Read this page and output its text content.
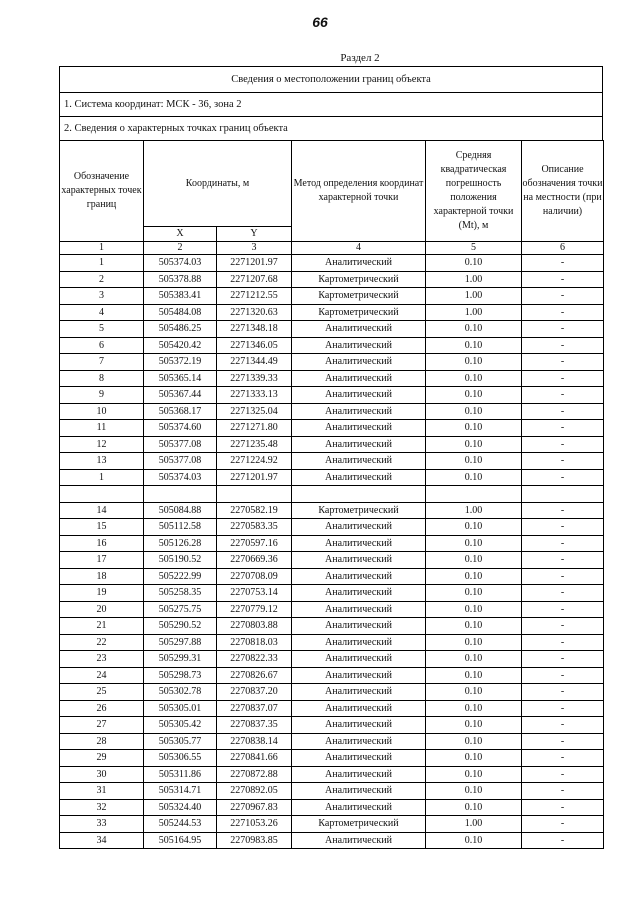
66
Раздел 2
Сведения о местоположении границ объекта
1. Система координат: МСК - 36, зона 2
2. Сведения о характерных точках границ объекта
Обозначение характерных точек границ	Координаты, м		Метод определения координат характерной точки	Средняя квадратическая погрешность положения характерной точки (Mt), м	Описание обозначения точки на местности (при наличии)
	X	Y			
1	2	3	4	5	6
1	505374.03	2271201.97	Аналитический	0.10	-
2	505378.88	2271207.68	Картометрический	1.00	-
3	505383.41	2271212.55	Картометрический	1.00	-
4	505484.08	2271320.63	Картометрический	1.00	-
5	505486.25	2271348.18	Аналитический	0.10	-
6	505420.42	2271346.05	Аналитический	0.10	-
7	505372.19	2271344.49	Аналитический	0.10	-
8	505365.14	2271339.33	Аналитический	0.10	-
9	505367.44	2271333.13	Аналитический	0.10	-
10	505368.17	2271325.04	Аналитический	0.10	-
11	505374.60	2271271.80	Аналитический	0.10	-
12	505377.08	2271235.48	Аналитический	0.10	-
13	505377.08	2271224.92	Аналитический	0.10	-
1	505374.03	2271201.97	Аналитический	0.10	-

14	505084.88	2270582.19	Картометрический	1.00	-
15	505112.58	2270583.35	Аналитический	0.10	-
16	505126.28	2270597.16	Аналитический	0.10	-
17	505190.52	2270669.36	Аналитический	0.10	-
18	505222.99	2270708.09	Аналитический	0.10	-
19	505258.35	2270753.14	Аналитический	0.10	-
20	505275.75	2270779.12	Аналитический	0.10	-
21	505290.52	2270803.88	Аналитический	0.10	-
22	505297.88	2270818.03	Аналитический	0.10	-
23	505299.31	2270822.33	Аналитический	0.10	-
24	505298.73	2270826.67	Аналитический	0.10	-
25	505302.78	2270837.20	Аналитический	0.10	-
26	505305.01	2270837.07	Аналитический	0.10	-
27	505305.42	2270837.35	Аналитический	0.10	-
28	505305.77	2270838.14	Аналитический	0.10	-
29	505306.55	2270841.66	Аналитический	0.10	-
30	505311.86	2270872.88	Аналитический	0.10	-
31	505314.71	2270892.05	Аналитический	0.10	-
32	505324.40	2270967.83	Аналитический	0.10	-
33	505244.53	2271053.26	Картометрический	1.00	-
34	505164.95	2270983.85	Аналитический	0.10	-
